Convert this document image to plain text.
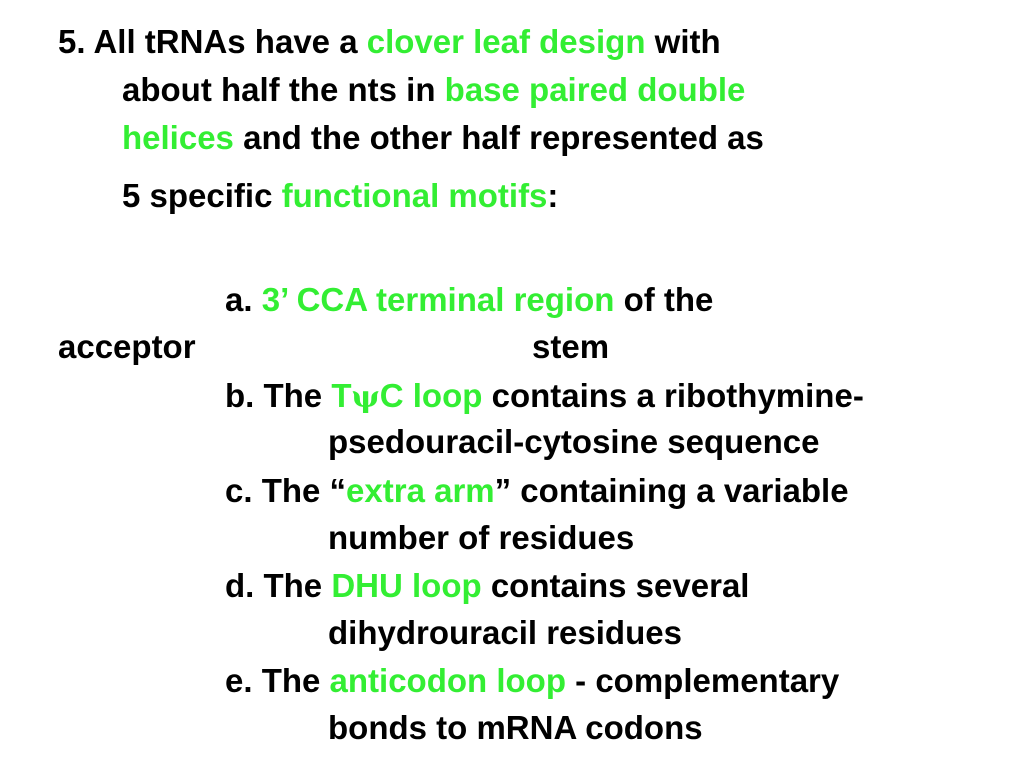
5. All tRNAs have a clover leaf design with
about half the nts in base paired double
helices and the other half represented as
5 specific functional motifs:
a. 3’ CCA terminal region of the
acceptor	stem
b. The TψC loop contains a ribothymine-
psedouracil-cytosine sequence
c. The “extra arm” containing a variable
number of residues
d. The DHU loop contains several
dihydrouracil residues
e. The anticodon loop - complementary
bonds to mRNA codons
